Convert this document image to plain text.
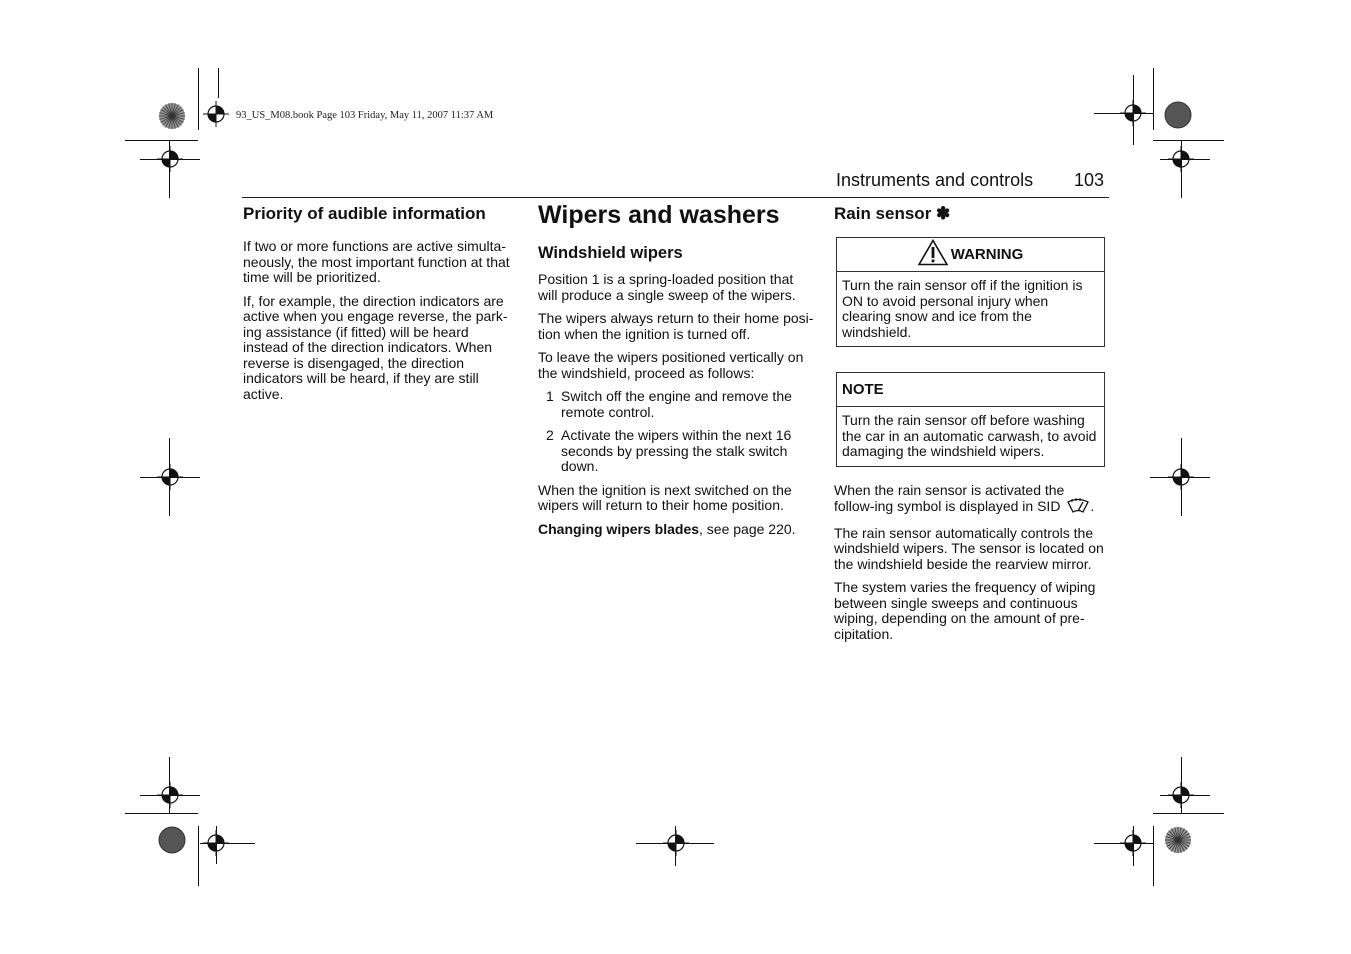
93_US_M08.book Page 103 Friday, May 11, 2007 11:37 AM
Instruments and controls 103
Priority of audible information

If two or more functions are active simulta-neously, the most important function at that time will be prioritized.

If, for example, the direction indicators are active when you engage reverse, the park-ing assistance (if fitted) will be heard instead of the direction indicators. When reverse is disengaged, the direction indicators will be heard, if they are still active.

Wipers and washers
Windshield wipers

Position 1 is a spring-loaded position that will produce a single sweep of the wipers.

The wipers always return to their home posi-tion when the ignition is turned off.

To leave the wipers positioned vertically on the windshield, proceed as follows:

1 Switch off the engine and remove the remote control.
2 Activate the wipers within the next 16 seconds by pressing the stalk switch down.

When the ignition is next switched on the wipers will return to their home position.

Changing wipers blades, see page 220.

Rain sensor ✽
WARNING
Turn the rain sensor off if the ignition is ON to avoid personal injury when clearing snow and ice from the windshield.
NOTE
Turn the rain sensor off before washing the car in an automatic carwash, to avoid damaging the windshield wipers.

When the rain sensor is activated the follow-ing symbol is displayed in SID .

The rain sensor automatically controls the windshield wipers. The sensor is located on the windshield beside the rearview mirror.

The system varies the frequency of wiping between single sweeps and continuous wiping, depending on the amount of pre-cipitation.
